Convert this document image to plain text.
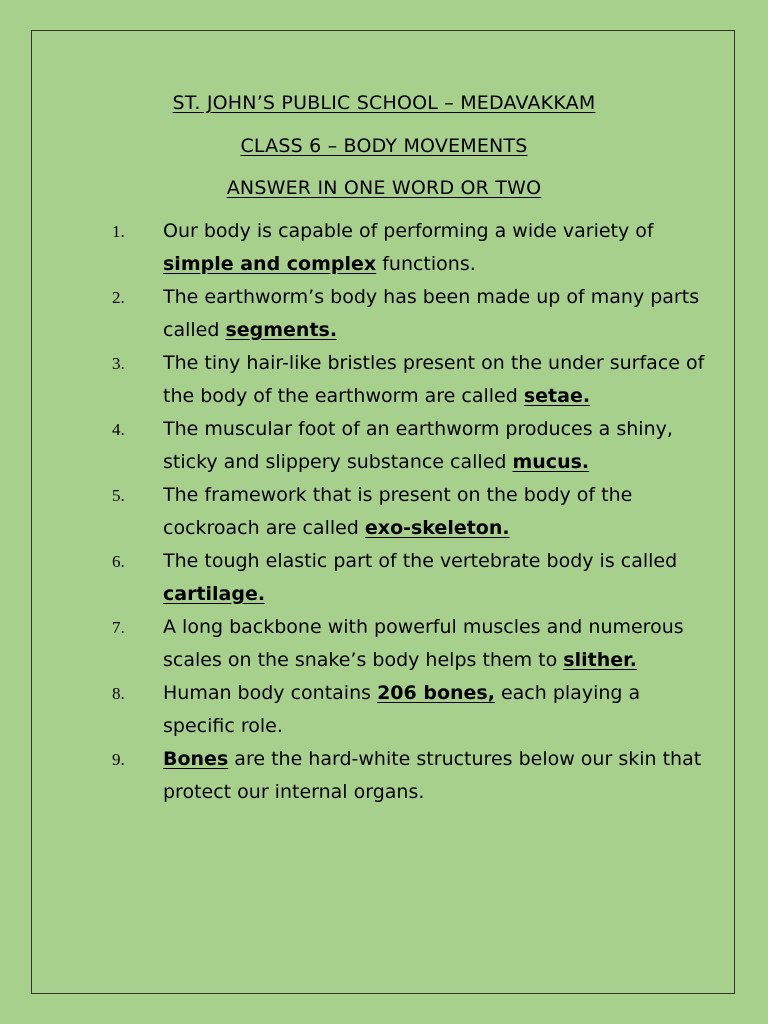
ST. JOHN’S PUBLIC SCHOOL – MEDAVAKKAM
CLASS 6 – BODY MOVEMENTS
ANSWER IN ONE WORD OR TWO
1.	Our body is capable of performing a wide variety of simple and complex functions.
2.	The earthworm’s body has been made up of many parts called segments.
3.	The tiny hair-like bristles present on the under surface of the body of the earthworm are called setae.
4.	The muscular foot of an earthworm produces a shiny, sticky and slippery substance called mucus.
5.	The framework that is present on the body of the cockroach are called exo-skeleton.
6.	The tough elastic part of the vertebrate body is called cartilage.
7.	A long backbone with powerful muscles and numerous scales on the snake’s body helps them to slither.
8.	Human body contains 206 bones, each playing a specific role.
9.	Bones are the hard-white structures below our skin that protect our internal organs.
